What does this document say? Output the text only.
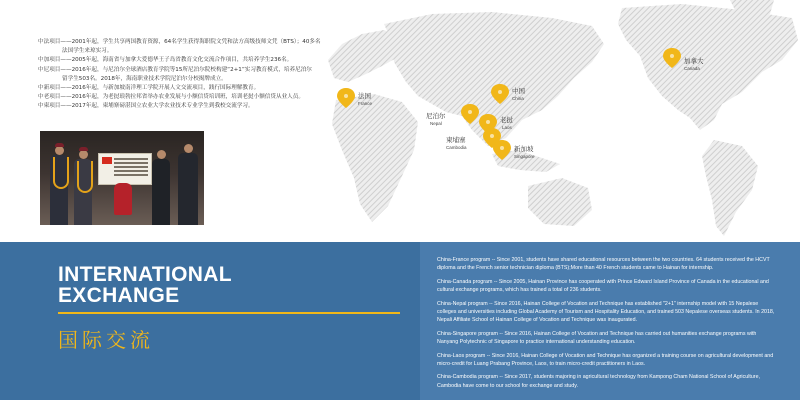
中法项目——2001年起，学生共享两国教育资源，64名学生获得海职院文凭和法方高级技师文凭（BTS）；40多名

法国学生来琼实习。

中加项目——2005年起，海南省与加拿大爱德华王子岛省教育文化交流合作项目，共培养学生236名。

中尼项目——2016年起，与尼泊尔全球酒店教育学院等15所尼泊尔院校构建“2+1”实习教育模式，培养尼泊尔

留学生503名。2018年，海南职业技术学院尼泊尔分校揭牌成立。

中新项目——2016年起，与新加坡南洋理工学院开展人文交流项目，践行国际理解教育。

中老项目——2016年起，为老挝琅勃拉邦省举办农业发展与小额信贷培训班，培训老挝小额信贷从业人员。

中柬项目——2017年起，柬埔寨磅湛国立农业大学农业技术专业学生到我校交流学习。

法国
France
加拿大
Canada
中国
China
尼泊尔
Nepal	老挝
Laos
柬埔寨
Cambodia	新加坡
Singapore
INTERNATIONAL
EXCHANGE
国际交流

China-France program -- Since 2001, students have shared educational resources between the two countries. 64 students received the HCVT diploma and the French senior technician diploma (BTS);More than 40 French students came to Hainan for internship.

China-Canada program -- Since 2005, Hainan Province has cooperated with Prince Edward Island Province of Canada in the educational and cultural exchange programs, which has trained a total of 236 students.

China-Nepal program -- Since 2016, Hainan College of Vocation and Technique has established "2+1" internship model with 15 Nepalese colleges and universities including Global Academy of Tourism and Hospitality Education, and trained 503 Nepalese overseas students. In 2018, Nepali Affiliate School of Hainan College of Vocation and Technique was inaugurated.

China-Singapore program -- Since 2016, Hainan College of Vocation and Technique has carried out humanities exchange programs with Nanyang Polytechnic of Singapore to practice international understanding education.

China-Laos program -- Since 2016, Hainan College of Vocation and Technique has organized a training course on agricultural development and micro-credit for Luang Prabang Province, Laos, to train micro-credit practitioners in Laos.

China-Cambodia program -- Since 2017, students majoring in agricultural technology from Kampong Cham National School of Agriculture, Cambodia have come to our school for exchange and study.
